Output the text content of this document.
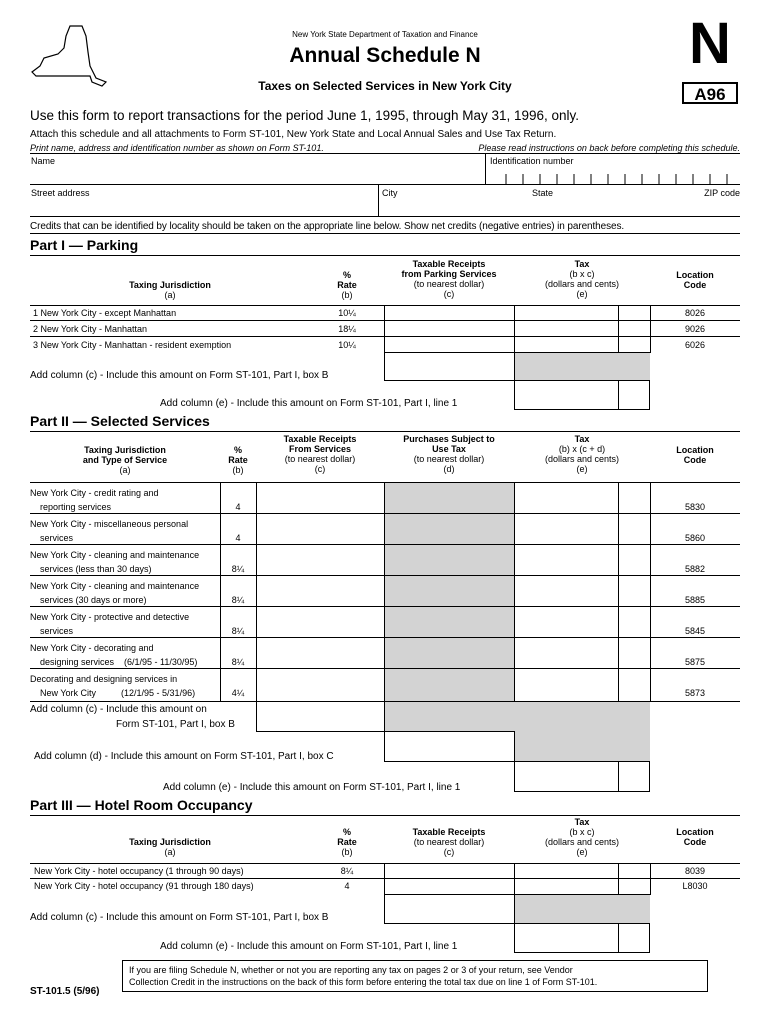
New York State Department of Taxation and Finance
Annual Schedule N
Taxes on Selected Services in New York City
N
A96
Use this form to report transactions for the period June 1, 1995, through May 31, 1996, only.
Attach this schedule and all attachments to Form ST-101, New York State and Local Annual Sales and Use Tax Return.
Print name, address and identification number as shown on Form ST-101.	Please read instructions on back before completing this schedule.
Name	Identification number
Street address	City	State	ZIP code
Credits that can be identified by locality should be taken on the appropriate line below. Show net credits (negative entries) in parentheses.
Part I — Parking
Taxing Jurisdiction
(a)
%
Rate
(b)
Taxable Receipts
from Parking Services
(to nearest dollar)
(c)
Tax
(b x c)
(dollars and cents)
(e)
Location
Code
1 New York City - except Manhattan	10¼	8026
2 New York City - Manhattan	18¼	9026
3 New York City - Manhattan - resident exemption	10¼	6026
Add column (c) - Include this amount on Form ST-101, Part I, box B
Add column (e) - Include this amount on Form ST-101, Part I, line 1
Part II — Selected Services
Taxing Jurisdiction
and Type of Service
(a)
%
Rate
(b)
Taxable Receipts
From Services
(to nearest dollar)
(c)
Purchases Subject to
Use Tax
(to nearest dollar)
(d)
Tax
(b) x (c + d)
(dollars and cents)
(e)
Location
Code
New York City - credit rating and
reporting services	4	5830
New York City - miscellaneous personal
services	4	5860
New York City - cleaning and maintenance
services (less than 30 days)	8¼	5882
New York City - cleaning and maintenance
services (30 days or more)	8¼	5885
New York City - protective and detective
services	8¼	5845
New York City - decorating and
designing services    (6/1/95 - 11/30/95)	8¼	5875
Decorating and designing services in
New York City          (12/1/95 - 5/31/96)	4¼	5873
Add column (c) - Include this amount on
Form ST-101, Part I, box B
Add column (d) - Include this amount on Form ST-101, Part I, box C
Add column (e) - Include this amount on Form ST-101, Part I, line 1
Part III — Hotel Room Occupancy
Taxing Jurisdiction
(a)
%
Rate
(b)
Taxable Receipts
(to nearest dollar)
(c)
Tax
(b x c)
(dollars and cents)
(e)
Location
Code
New York City - hotel occupancy (1 through 90 days)	8¼	8039
New York City - hotel occupancy (91 through 180 days)	4	L8030
Add column (c) - Include this amount on Form ST-101, Part I, box B
Add column (e) - Include this amount on Form ST-101, Part I, line 1
ST-101.5 (5/96)
If you are filing Schedule N, whether or not you are reporting any tax on pages 2 or 3 of your return, see Vendor
Collection Credit in the instructions on the back of this form before entering the total tax due on line 1 of Form ST-101.
